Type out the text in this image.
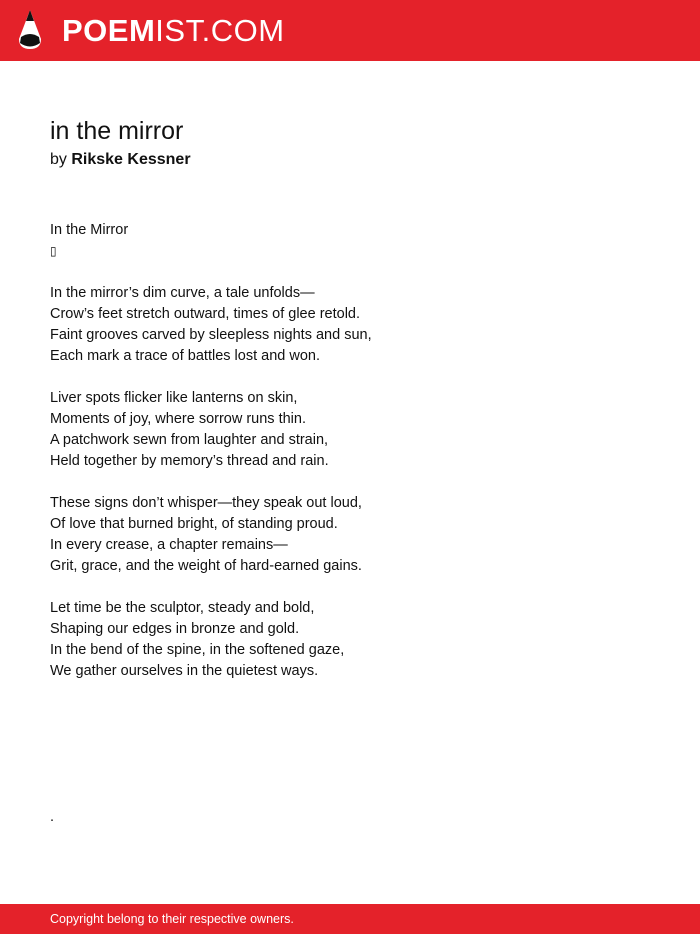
POEMIST.COM
in the mirror
by Rikske Kessner
In the Mirror
▯
In the mirror’s dim curve, a tale unfolds—
Crow’s feet stretch outward, times of glee retold.
Faint grooves carved by sleepless nights and sun,
Each mark a trace of battles lost and won.
Liver spots flicker like lanterns on skin,
Moments of joy, where sorrow runs thin.
A patchwork sewn from laughter and strain,
Held together by memory’s thread and rain.
These signs don’t whisper—they speak out loud,
Of love that burned bright, of standing proud.
In every crease, a chapter remains—
Grit, grace, and the weight of hard-earned gains.
Let time be the sculptor, steady and bold,
Shaping our edges in bronze and gold.
In the bend of the spine, in the softened gaze,
We gather ourselves in the quietest ways.
.
Copyright belong to their respective owners.
